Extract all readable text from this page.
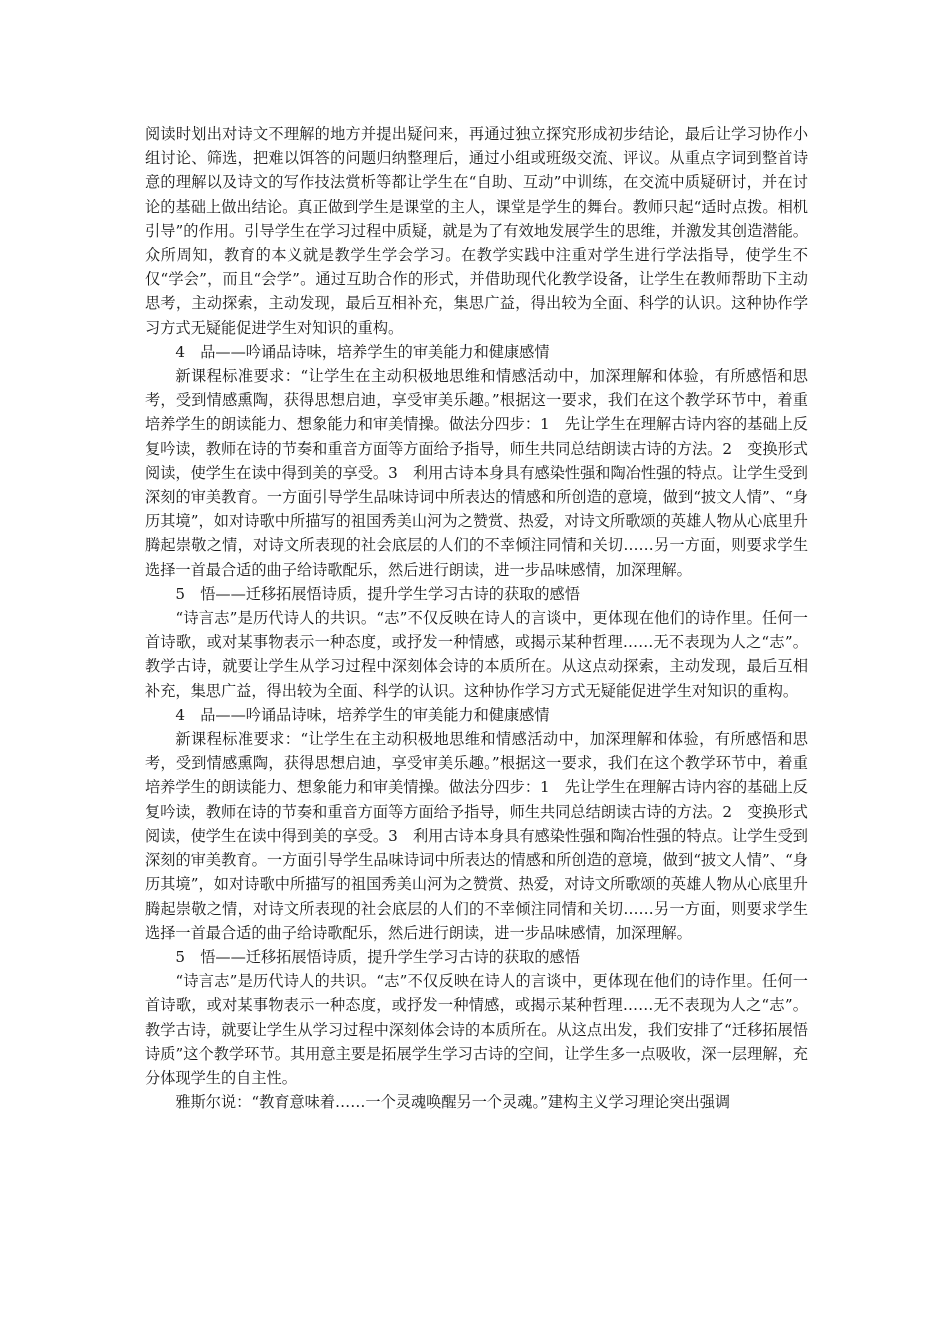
阅读时划出对诗文不理解的地方并提出疑问来，再通过独立探究形成初步结论，最后让学习协作小组讨论、筛选，把难以饵答的问题归纳整理后，通过小组或班级交流、评议。从重点字词到整首诗意的理解以及诗文的写作技法赏析等都让学生在“自助、互动”中训练，在交流中质疑研讨，并在讨论的基础上做出结论。真正做到学生是课堂的主人，课堂是学生的舞台。教师只起“适时点拨。相机引导”的作用。引导学生在学习过程中质疑，就是为了有效地发展学生的思维，并激发其创造潜能。众所周知，教育的本义就是教学生学会学习。在教学实践中注重对学生进行学法指导，使学生不仅“学会”，而且“会学”。通过互助合作的形式，并借助现代化教学设备，让学生在教师帮助下主动思考，主动探索，主动发现，最后互相补充，集思广益，得出较为全面、科学的认识。这种协作学习方式无疑能促进学生对知识的重构。

4　品——吟诵品诗味，培养学生的审美能力和健康感情

新课程标准要求：“让学生在主动积极地思维和情感活动中，加深理解和体验，有所感悟和思考，受到情感熏陶，获得思想启迪，享受审美乐趣。”根据这一要求，我们在这个教学环节中，着重培养学生的朗读能力、想象能力和审美情操。做法分四步：1　先让学生在理解古诗内容的基础上反复吟读，教师在诗的节奏和重音方面等方面给予指导，师生共同总结朗读古诗的方法。2　变换形式阅读，使学生在读中得到美的享受。3　利用古诗本身具有感染性强和陶冶性强的特点。让学生受到深刻的审美教育。一方面引导学生品味诗词中所表达的情感和所创造的意境，做到“披文人情”、“身历其境”，如对诗歌中所描写的祖国秀美山河为之赞赏、热爱，对诗文所歌颂的英雄人物从心底里升腾起崇敬之情，对诗文所表现的社会底层的人们的不幸倾注同情和关切……另一方面，则要求学生选择一首最合适的曲子给诗歌配乐，然后进行朗读，进一步品味感情，加深理解。

5　悟——迁移拓展悟诗质，提升学生学习古诗的获取的感悟

“诗言志”是历代诗人的共识。“志”不仅反映在诗人的言谈中，更体现在他们的诗作里。任何一首诗歌，或对某事物表示一种态度，或抒发一种情感，或揭示某种哲理……无不表现为人之“志”。教学古诗，就要让学生从学习过程中深刻体会诗的本质所在。从这点动探索，主动发现，最后互相补充，集思广益，得出较为全面、科学的认识。这种协作学习方式无疑能促进学生对知识的重构。

4　品——吟诵品诗味，培养学生的审美能力和健康感情

新课程标准要求：“让学生在主动积极地思维和情感活动中，加深理解和体验，有所感悟和思考，受到情感熏陶，获得思想启迪，享受审美乐趣。”根据这一要求，我们在这个教学环节中，着重培养学生的朗读能力、想象能力和审美情操。做法分四步：1　先让学生在理解古诗内容的基础上反复吟读，教师在诗的节奏和重音方面等方面给予指导，师生共同总结朗读古诗的方法。2　变换形式阅读，使学生在读中得到美的享受。3　利用古诗本身具有感染性强和陶冶性强的特点。让学生受到深刻的审美教育。一方面引导学生品味诗词中所表达的情感和所创造的意境，做到“披文人情”、“身历其境”，如对诗歌中所描写的祖国秀美山河为之赞赏、热爱，对诗文所歌颂的英雄人物从心底里升腾起崇敬之情，对诗文所表现的社会底层的人们的不幸倾注同情和关切……另一方面，则要求学生选择一首最合适的曲子给诗歌配乐，然后进行朗读，进一步品味感情，加深理解。

5　悟——迁移拓展悟诗质，提升学生学习古诗的获取的感悟

“诗言志”是历代诗人的共识。“志”不仅反映在诗人的言谈中，更体现在他们的诗作里。任何一首诗歌，或对某事物表示一种态度，或抒发一种情感，或揭示某种哲理……无不表现为人之“志”。教学古诗，就要让学生从学习过程中深刻体会诗的本质所在。从这点出发，我们安排了“迁移拓展悟诗质”这个教学环节。其用意主要是拓展学生学习古诗的空间，让学生多一点吸收，深一层理解，充分体现学生的自主性。

雅斯尔说：“教育意味着……一个灵魂唤醒另一个灵魂。”建构主义学习理论突出强调
